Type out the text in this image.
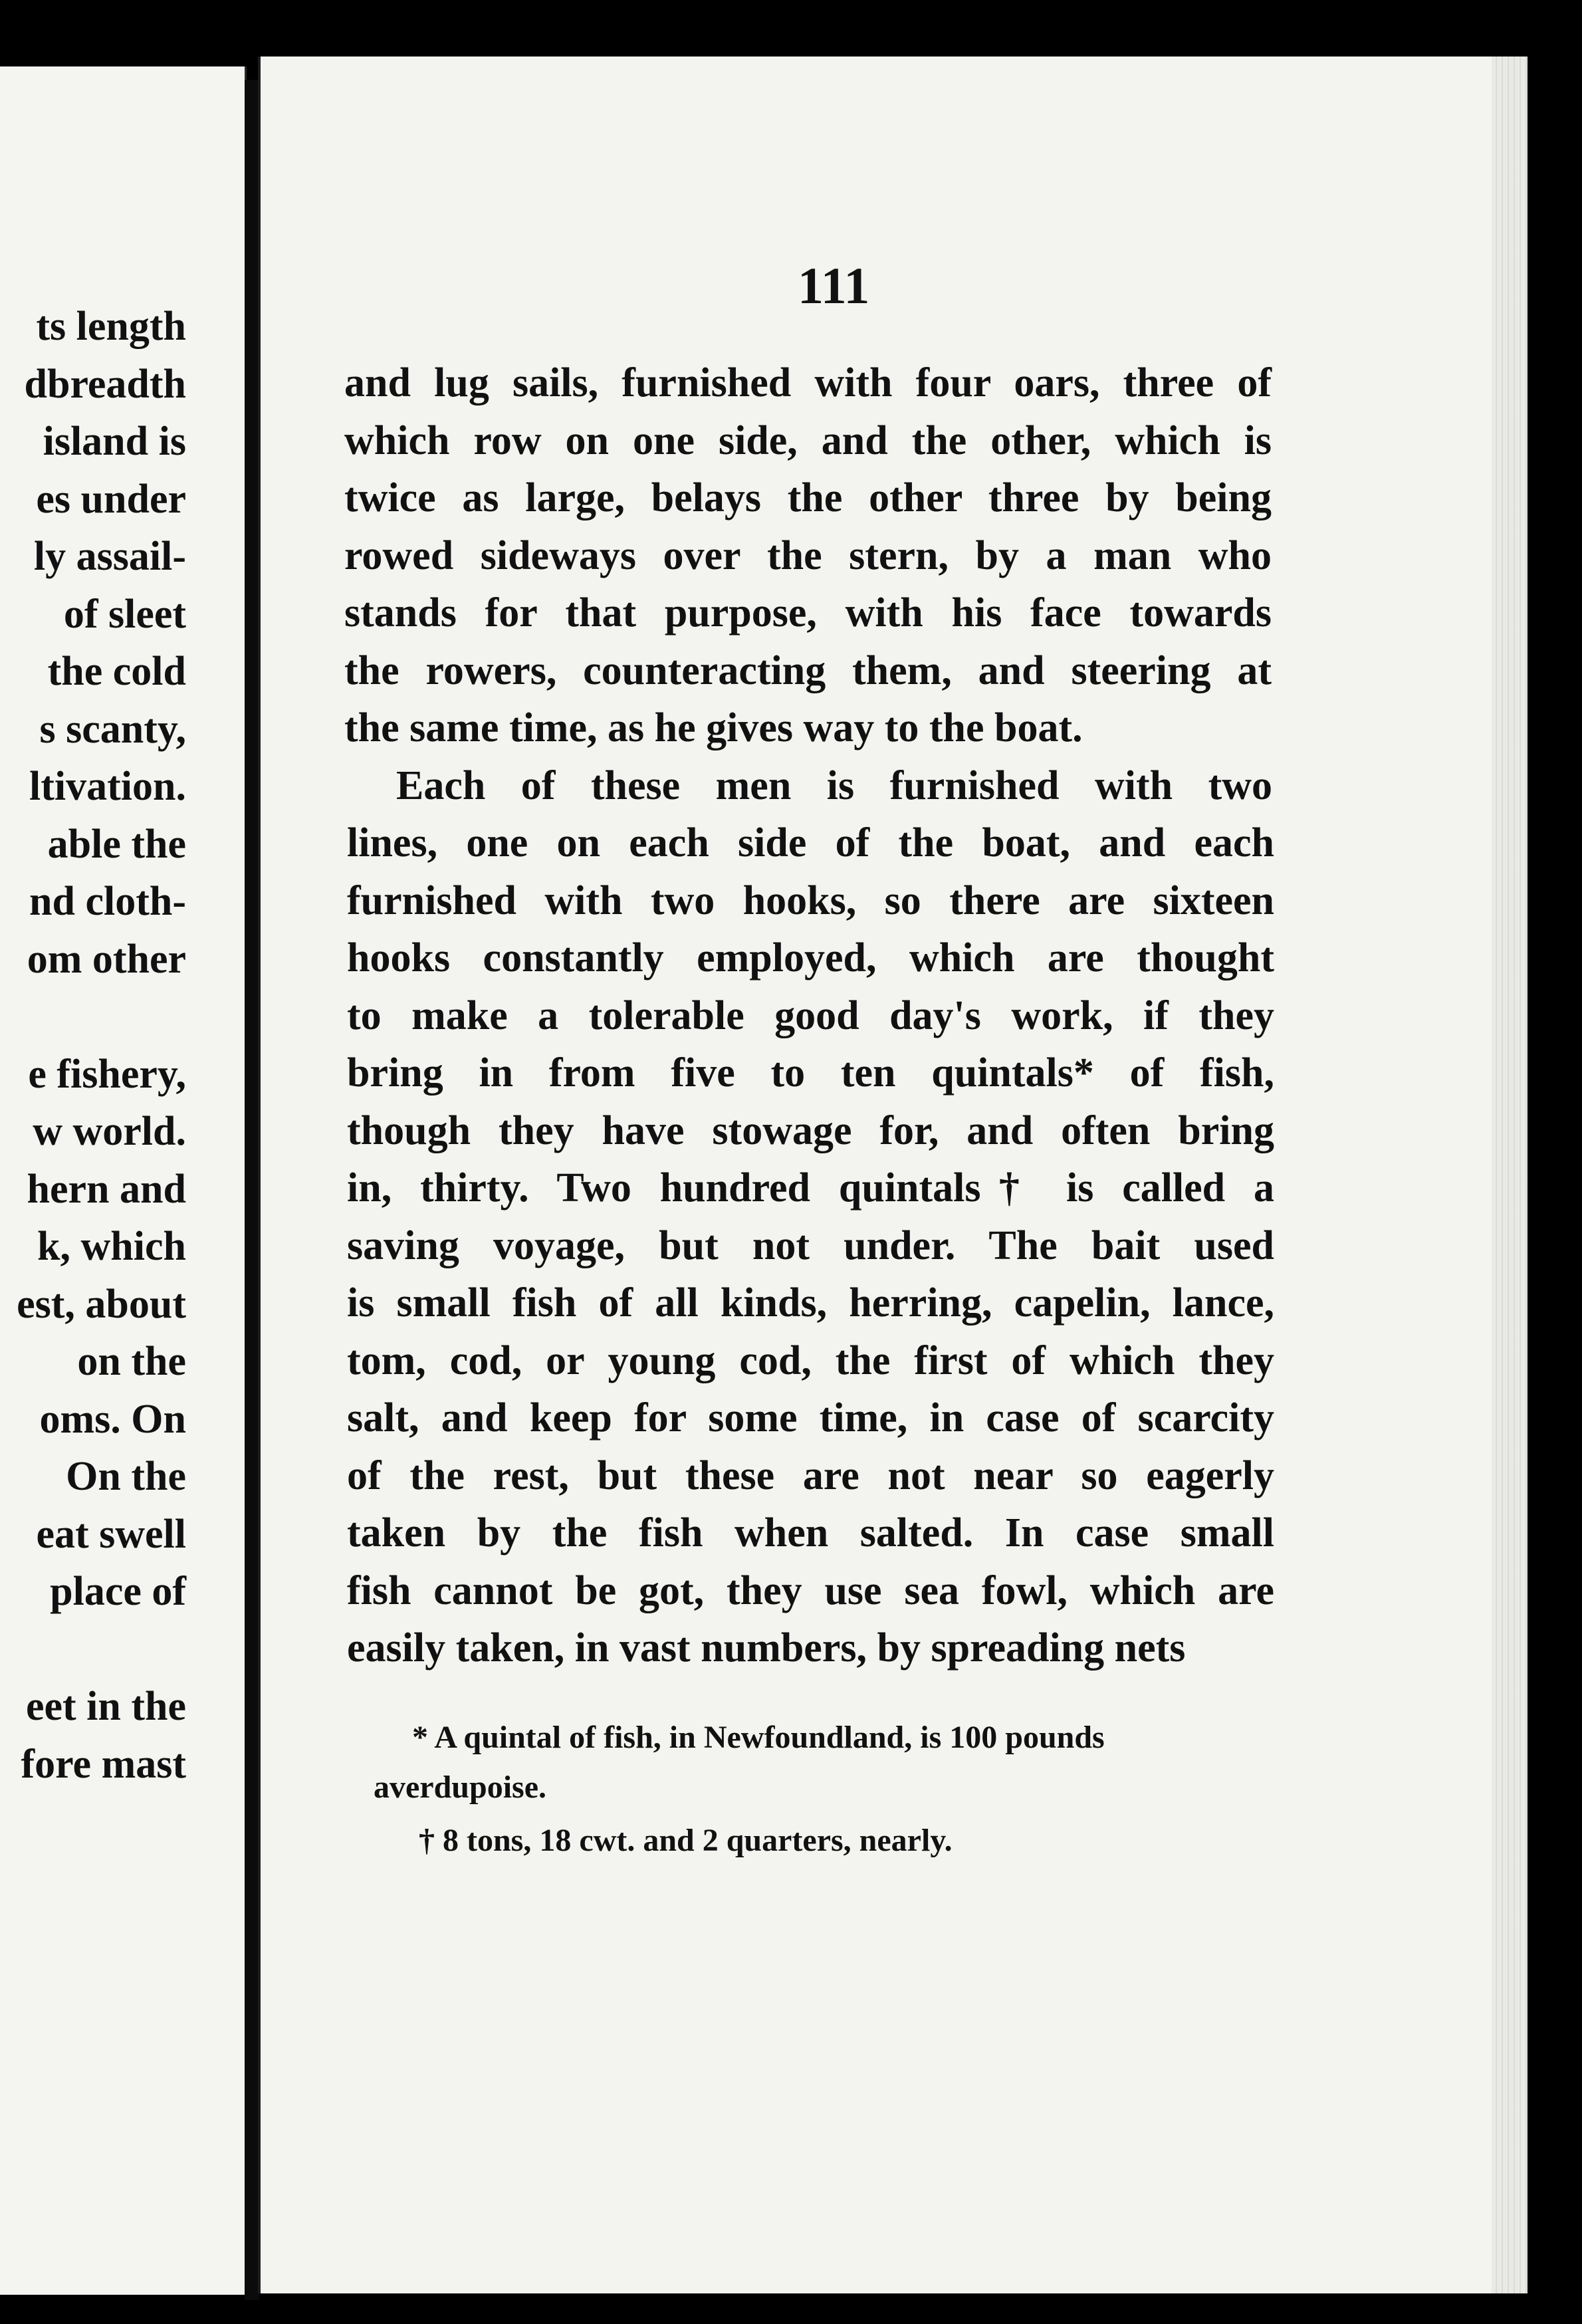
ts length
dbreadth
island is
es under
ly assail-
of sleet
the cold
s scanty,
ltivation.
able the
nd cloth-
om other
e fishery,
w world.
hern and
k, which
est, about
on the
oms. On
On the
eat swell
place of
eet in the
fore mast
111
and lug sails, furnished with four oars, three of
which row on one side, and the other, which is
twice as large, belays the other three by being
rowed sideways over the stern, by a man who
stands for that purpose, with his face towards
the rowers, counteracting them, and steering at
the same time, as he gives way to the boat.
Each of these men is furnished with two
lines, one on each side of the boat, and each
furnished with two hooks, so there are sixteen
hooks constantly employed, which are thought
to make a tolerable good day's work, if they
bring in from five to ten quintals* of fish,
though they have stowage for, and often bring
in, thirty. Two hundred quintals† is called a
saving voyage, but not under. The bait used
is small fish of all kinds, herring, capelin, lance,
tom, cod, or young cod, the first of which they
salt, and keep for some time, in case of scarcity
of the rest, but these are not near so eagerly
taken by the fish when salted. In case small
fish cannot be got, they use sea fowl, which are
easily taken, in vast numbers, by spreading nets
* A quintal of fish, in Newfoundland, is 100 pounds
averdupoise.
† 8 tons, 18 cwt. and 2 quarters, nearly.
